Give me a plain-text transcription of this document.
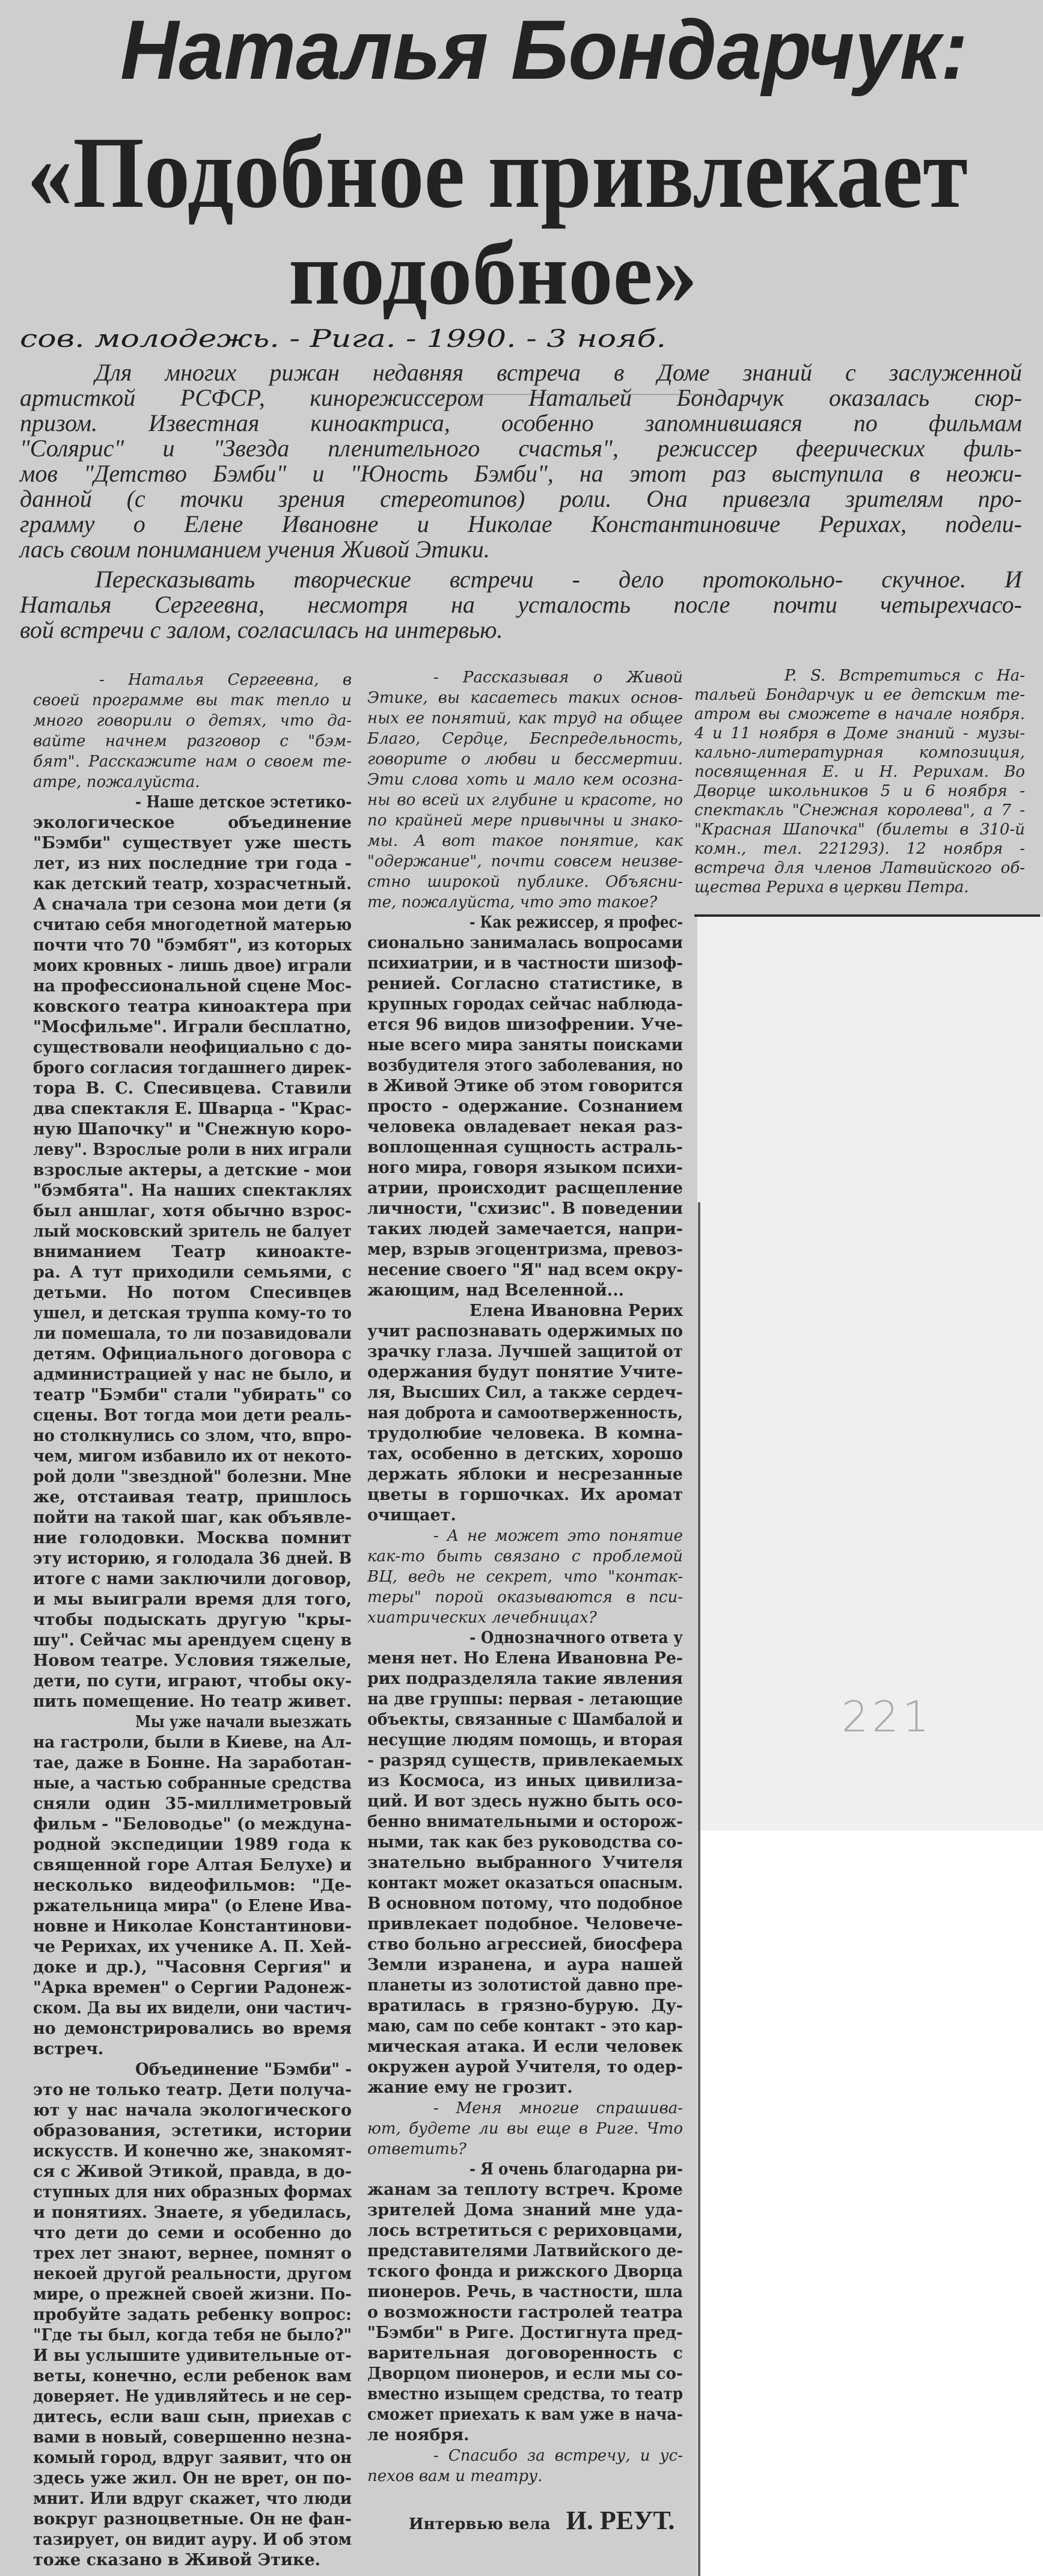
Наталья Бондарчук:
«Подобное привлекает
подобное»
сов. молодежь. - Рига. - 1990. - 3 нояб.
Для многих рижан недавняя встреча в Доме знаний с заслуженной
артисткой РСФСР, кинорежиссером Натальей Бондарчук оказалась сюр-
призом. Известная киноактриса, особенно запомнившаяся по фильмам
"Солярис" и "Звезда пленительного счастья", режиссер феерических филь-
мов "Детство Бэмби" и "Юность Бэмби", на этот раз выступила в неожи-
данной (с точки зрения стереотипов) роли. Она привезла зрителям про-
грамму о Елене Ивановне и Николае Константиновиче Рерихах, подели-
лась своим пониманием учения Живой Этики.
Пересказывать творческие встречи - дело протокольно- скучное. И
Наталья Сергеевна, несмотря на усталость после почти четырехчасо-
вой встречи с залом, согласилась на интервью.
221
- Наталья Сергеевна, в
своей программе вы так тепло и
много говорили о детях, что да-
вайте начнем разговор с "бэм-
бят". Расскажите нам о своем те-
атре, пожалуйста.
- Наше детское эстетико-
экологическое объединение
"Бэмби" существует уже шесть
лет, из них последние три года -
как детский театр, хозрасчетный.
А сначала три сезона мои дети (я
считаю себя многодетной матерью
почти что 70 "бэмбят", из которых
моих кровных - лишь двое) играли
на профессиональной сцене Мос-
ковского театра киноактера при
"Мосфильме". Играли бесплатно,
существовали неофициально с до-
брого согласия тогдашнего дирек-
тора В. С. Спесивцева. Ставили
два спектакля Е. Шварца - "Крас-
ную Шапочку" и "Снежную коро-
леву". Взрослые роли в них играли
взрослые актеры, а детские - мои
"бэмбята". На наших спектаклях
был аншлаг, хотя обычно взрос-
лый московский зритель не балует
вниманием Театр киноакте-
ра. А тут приходили семьями, с
детьми. Но потом Спесивцев
ушел, и детская труппа кому-то то
ли помешала, то ли позавидовали
детям. Официального договора с
администрацией у нас не было, и
театр "Бэмби" стали "убирать" со
сцены. Вот тогда мои дети реаль-
но столкнулись со злом, что, впро-
чем, мигом избавило их от некото-
рой доли "звездной" болезни. Мне
же, отстаивая театр, пришлось
пойти на такой шаг, как объявле-
ние голодовки. Москва помнит
эту историю, я голодала 36 дней. В
итоге с нами заключили договор,
и мы выиграли время для того,
чтобы подыскать другую "кры-
шу". Сейчас мы арендуем сцену в
Новом театре. Условия тяжелые,
дети, по сути, играют, чтобы оку-
пить помещение. Но театр живет.
Мы уже начали выезжать
на гастроли, были в Киеве, на Ал-
тае, даже в Бонне. На заработан-
ные, а частью собранные средства
сняли один 35-миллиметровый
фильм - "Беловодье" (о междуна-
родной экспедиции 1989 года к
священной горе Алтая Белухе) и
несколько видеофильмов: "Де-
ржательница мира" (о Елене Ива-
новне и Николае Константинови-
че Рерихах, их ученике А. П. Хей-
доке и др.), "Часовня Сергия" и
"Арка времен" о Сергии Радонеж-
ском. Да вы их видели, они частич-
но демонстрировались во время
встреч.
Объединение "Бэмби" -
это не только театр. Дети получа-
ют у нас начала экологического
образования, эстетики, истории
искусств. И конечно же, знакомят-
ся с Живой Этикой, правда, в до-
ступных для них образных формах
и понятиях. Знаете, я убедилась,
что дети до семи и особенно до
трех лет знают, вернее, помнят о
некоей другой реальности, другом
мире, о прежней своей жизни. По-
пробуйте задать ребенку вопрос:
"Где ты был, когда тебя не было?"
И вы услышите удивительные от-
веты, конечно, если ребенок вам
доверяет. Не удивляйтесь и не сер-
дитесь, если ваш сын, приехав с
вами в новый, совершенно незна-
комый город, вдруг заявит, что он
здесь уже жил. Он не врет, он по-
мнит. Или вдруг скажет, что люди
вокруг разноцветные. Он не фан-
тазирует, он видит ауру. И об этом
тоже сказано в Живой Этике.
- Рассказывая о Живой
Этике, вы касаетесь таких основ-
ных ее понятий, как труд на общее
Благо, Сердце, Беспредельность,
говорите о любви и бессмертии.
Эти слова хоть и мало кем осозна-
ны во всей их глубине и красоте, но
по крайней мере привычны и знако-
мы. А вот такое понятие, как
"одержание", почти совсем неизве-
стно широкой публике. Объясни-
те, пожалуйста, что это такое?
- Как режиссер, я профес-
сионально занималась вопросами
психиатрии, и в частности шизоф-
ренией. Согласно статистике, в
крупных городах сейчас наблюда-
ется 96 видов шизофрении. Уче-
ные всего мира заняты поисками
возбудителя этого заболевания, но
в Живой Этике об этом говорится
просто - одержание. Сознанием
человека овладевает некая раз-
воплощенная сущность астраль-
ного мира, говоря языком психи-
атрии, происходит расщепление
личности, "схизис". В поведении
таких людей замечается, напри-
мер, взрыв эгоцентризма, превоз-
несение своего "Я" над всем окру-
жающим, над Вселенной...
Елена Ивановна Рерих
учит распознавать одержимых по
зрачку глаза. Лучшей защитой от
одержания будут понятие Учите-
ля, Высших Сил, а также сердеч-
ная доброта и самоотверженность,
трудолюбие человека. В комна-
тах, особенно в детских, хорошо
держать яблоки и несрезанные
цветы в горшочках. Их аромат
очищает.
- А не может это понятие
как-то быть связано с проблемой
ВЦ, ведь не секрет, что "контак-
теры" порой оказываются в пси-
хиатрических лечебницах?
- Однозначного ответа у
меня нет. Но Елена Ивановна Ре-
рих подразделяла такие явления
на две группы: первая - летающие
объекты, связанные с Шамбалой и
несущие людям помощь, и вторая
- разряд существ, привлекаемых
из Космоса, из иных цивилиза-
ций. И вот здесь нужно быть осо-
бенно внимательными и осторож-
ными, так как без руководства со-
знательно выбранного Учителя
контакт может оказаться опасным.
В основном потому, что подобное
привлекает подобное. Человече-
ство больно агрессией, биосфера
Земли изранена, и аура нашей
планеты из золотистой давно пре-
вратилась в грязно-бурую. Ду-
маю, сам по себе контакт - это кар-
мическая атака. И если человек
окружен аурой Учителя, то одер-
жание ему не грозит.
- Меня многие спрашива-
ют, будете ли вы еще в Риге. Что
ответить?
- Я очень благодарна ри-
жанам за теплоту встреч. Кроме
зрителей Дома знаний мне уда-
лось встретиться с рериховцами,
представителями Латвийского де-
тского фонда и рижского Дворца
пионеров. Речь, в частности, шла
о возможности гастролей театра
"Бэмби" в Риге. Достигнута пред-
варительная договоренность с
Дворцом пионеров, и если мы со-
вместно изыщем средства, то театр
сможет приехать к вам уже в нача-
ле ноября.
- Спасибо за встречу, и ус-
пехов вам и театру.
P. S. Встретиться с На-
тальей Бондарчук и ее детским те-
атром вы сможете в начале ноября.
4 и 11 ноября в Доме знаний - музы-
кально-литературная композиция,
посвященная Е. и Н. Рерихам. Во
Дворце школьников 5 и 6 ноября -
спектакль "Снежная королева", а 7 -
"Красная Шапочка" (билеты в 310-й
комн., тел. 221293). 12 ноября -
встреча для членов Латвийского об-
щества Рериха в церкви Петра.
Интервью вела И. РЕУТ.
